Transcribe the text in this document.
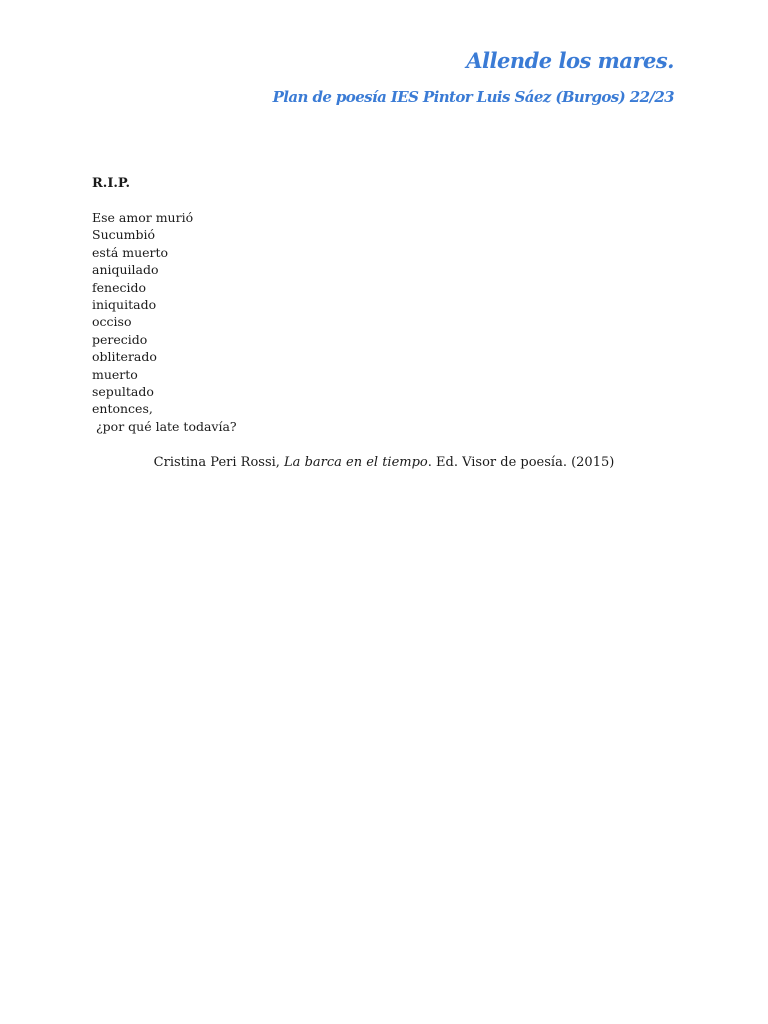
Allende los mares.
Plan de poesía IES Pintor Luis Sáez (Burgos) 22/23
R.I.P.
Ese amor murió
Sucumbió
está muerto
aniquilado
fenecido
iniquitado
occiso
perecido
obliterado
muerto
sepultado
entonces,
¿por qué late todavía?
Cristina Peri Rossi, La barca en el tiempo. Ed. Visor de poesía. (2015)
